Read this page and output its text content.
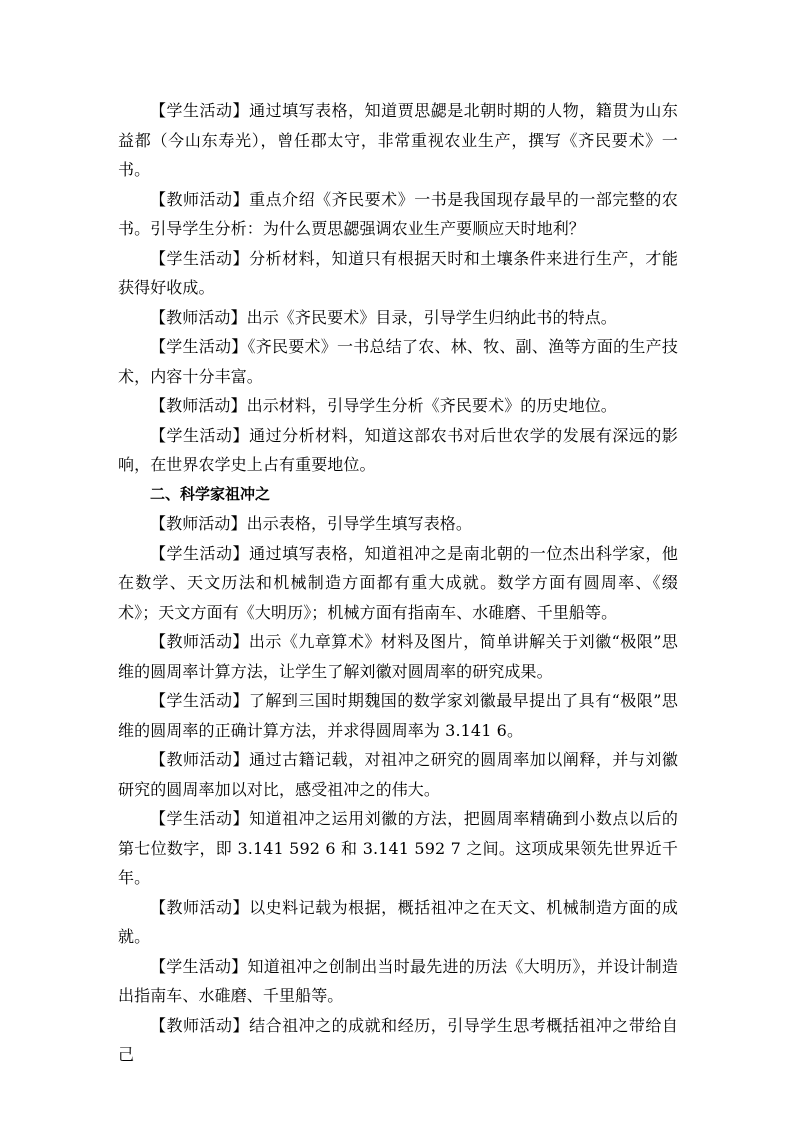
【学生活动】通过填写表格，知道贾思勰是北朝时期的人物，籍贯为山东益都（今山东寿光），曾任郡太守，非常重视农业生产，撰写《齐民要术》一书。

【教师活动】重点介绍《齐民要术》一书是我国现存最早的一部完整的农书。引导学生分析：为什么贾思勰强调农业生产要顺应天时地利？

【学生活动】分析材料，知道只有根据天时和土壤条件来进行生产，才能获得好收成。

【教师活动】出示《齐民要术》目录，引导学生归纳此书的特点。

【学生活动】《齐民要术》一书总结了农、林、牧、副、渔等方面的生产技术，内容十分丰富。

【教师活动】出示材料，引导学生分析《齐民要术》的历史地位。

【学生活动】通过分析材料，知道这部农书对后世农学的发展有深远的影响，在世界农学史上占有重要地位。

二、科学家祖冲之

【教师活动】出示表格，引导学生填写表格。

【学生活动】通过填写表格，知道祖冲之是南北朝的一位杰出科学家，他在数学、天文历法和机械制造方面都有重大成就。数学方面有圆周率、《缀术》；天文方面有《大明历》；机械方面有指南车、水碓磨、千里船等。

【教师活动】出示《九章算术》材料及图片，简单讲解关于刘徽“极限”思维的圆周率计算方法，让学生了解刘徽对圆周率的研究成果。

【学生活动】了解到三国时期魏国的数学家刘徽最早提出了具有“极限”思维的圆周率的正确计算方法，并求得圆周率为 3.141 6。

【教师活动】通过古籍记载，对祖冲之研究的圆周率加以阐释，并与刘徽研究的圆周率加以对比，感受祖冲之的伟大。

【学生活动】知道祖冲之运用刘徽的方法，把圆周率精确到小数点以后的第七位数字，即 3.141 592 6 和 3.141 592 7 之间。这项成果领先世界近千年。

【教师活动】以史料记载为根据，概括祖冲之在天文、机械制造方面的成就。

【学生活动】知道祖冲之创制出当时最先进的历法《大明历》，并设计制造出指南车、水碓磨、千里船等。

【教师活动】结合祖冲之的成就和经历，引导学生思考概括祖冲之带给自己
